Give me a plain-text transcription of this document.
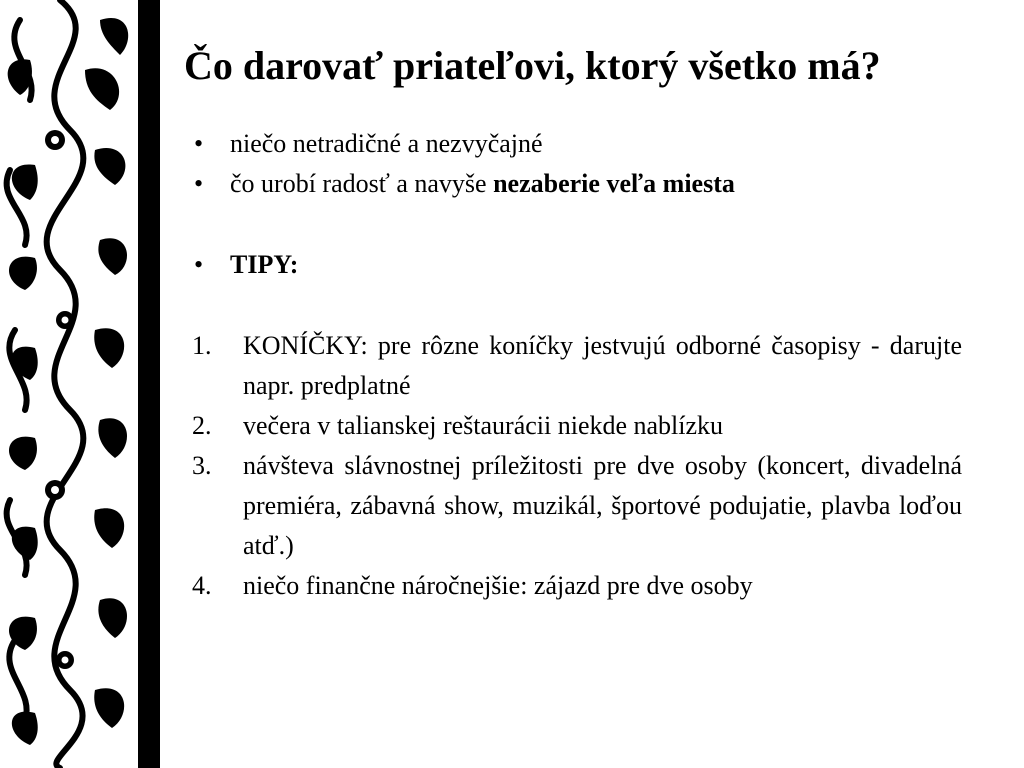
Čo darovať priateľovi, ktorý všetko má?
• niečo netradičné a nezvyčajné
• čo urobí radosť a navyše nezaberie veľa miesta
• TIPY:
1. KONÍČKY: pre rôzne koníčky jestvujú odborné časopisy - darujte napr. predplatné
2. večera v talianskej reštaurácii niekde nablízku
3. návšteva slávnostnej príležitosti pre dve osoby (koncert, divadelná premiéra, zábavná show, muzikál, športové podujatie, plavba loďou atď.)
4. niečo finančne náročnejšie: zájazd pre dve osoby
